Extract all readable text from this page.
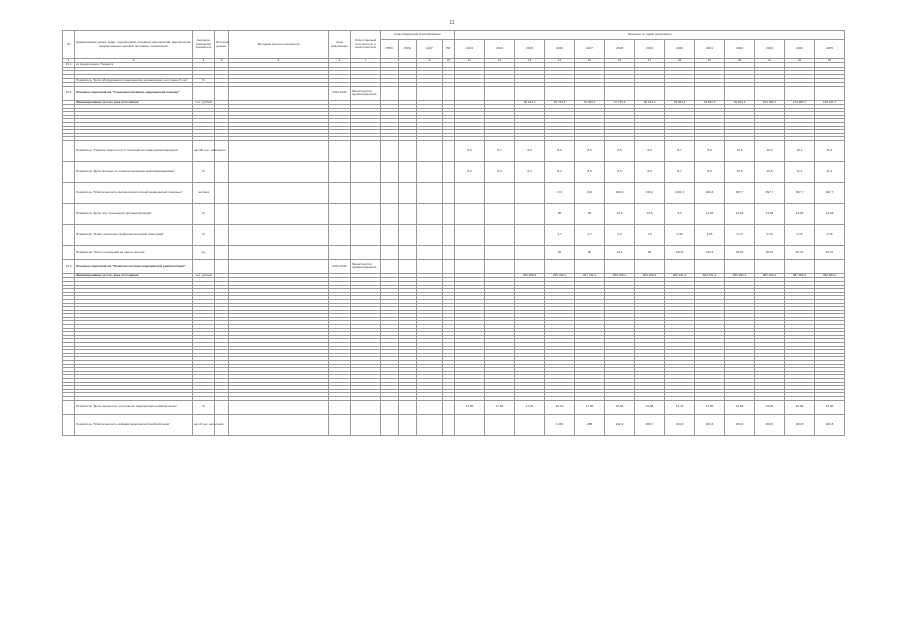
11
№	Наименование целей, задач, подпрограмм, основных мероприятий, мероприятий, ведомственных целевых программ, показателей	Единица измерения показателя	Источник данных	Методика расчета показателя	Срок реализации	Ответственный исполнитель и соисполнители	Коды бюджетной классификации				Значения по годам реализации												
							ГРБС	РзПр	ЦСР	ВР	2013	2014	2015	2016	2017	2018	2019	2020	2021	2022	2023	2024	2025
1	2	3	4	5	6	7	8		9	10	11	12	13	14	15	16	17	18	19	20	21	22	23
15.1	из федерального бюджета																						

	Показатель "Доля оборудования в медицинских организациях, не старше 5 лет"	%																					

15.2	Основное мероприятие "Совершенствование медицинской помощи"				2013-2025	Министерство здравоохранения																	
	Финансирование за счет всех источников	тыс. рублей											95 223,5	95 723,6	70 000,4	37 770,6	36 013,3	35 984,1	34 590,5	39 829,4	103 946,7	120 680,7	148 241,7

	Показатель "Уровень смертности от болезней системы кровообращения"	на 100 тыс. населения									8,6	8,7	8,6	8,6	8,5	8,5	8,5	8,7	8,9	10,6	10,6	10,2	11,3
	Показатель "Доля больных со злокачественными новообразованиями"	%									8,2	8,3	8,2	8,3	8,5	8,5	8,5	8,7	8,9	10,6	10,6	11,2	11,3
	Показатель "Обеспеченность высокотехнологичной медицинской помощью"	человек												174	312	326,0	333,0	1311,3	944,6	997,7	997,7	997,7	997,7
	Показатель "Доля лиц, прошедших диспансеризацию"	%												95	99	14,5	13,6	9,6	11,03	14,63	14,83	14,93	14,93
	Показатель "Охват населения профилактическими осмотрами"	%												2,7	2,7	2,2	1,6	0,45	4,06	0,73	0,79	0,79	0,79
	Показатель "Число посещений на одного жителя"	ед.												26	30	22,4	30	312,8	312,5	30,07	30,07	30,07	30,07
15.3	Основное мероприятие "Развитие системы медицинской реабилитации"				2014-2025	Министерство здравоохранения																	
	Финансирование за счет всех источников	тыс. рублей											393 488,3	495 790,2	397 762,1	953 015,2	934 100,3	965 231,3	822 701,3	839 993,4	987 009,3	987 009,3	998 983,2

	Показатель "Доля пациентов, получивших медицинскую реабилитацию"	%									13,50	17,00	17,30	23,10	17,00	18,00	16,98	14,73	14,50	14,50	16,00	16,30	16,30
	Показатель "Обеспеченность койками медицинской реабилитации"	на 10 тыс. населения												1 281	288	242,2	305,7	313,6	304,6	304,6	303,5	303,8	303,8
